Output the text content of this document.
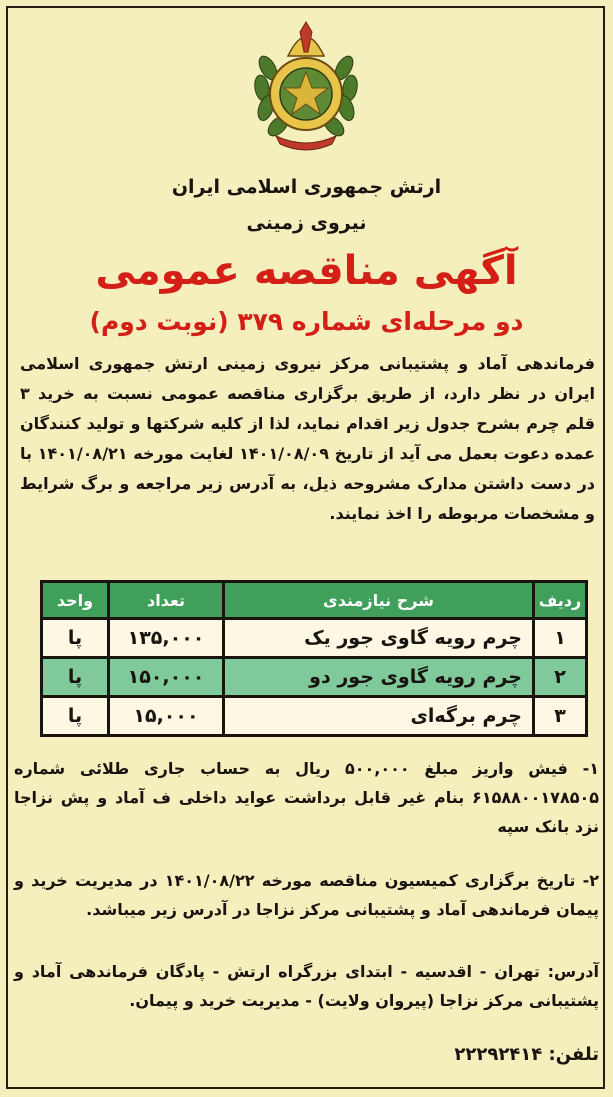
ارتش جمهوری اسلامی ایران
نیروی زمینی
آگهی مناقصه عمومی
دو مرحله‌ای شماره ۳۷۹ (نوبت دوم)
فرماندهی آماد و پشتیبانی مرکز نیروی زمینی ارتش جمهوری اسلامی ایران در نظر دارد، از طریق برگزاری مناقصه عمومی نسبت به خرید ۳ قلم چرم بشرح جدول زیر اقدام نماید، لذا از کلیه شرکتها و تولید کنندگان عمده دعوت بعمل می آید از تاریخ ۱۴۰۱/۰۸/۰۹ لغایت مورخه ۱۴۰۱/۰۸/۲۱ با در دست داشتن مدارک مشروحه ذیل، به آدرس زیر مراجعه و برگ شرایط و مشخصات مربوطه را اخذ نمایند.
ردیف	شرح نیازمندی	تعداد	واحد
۱	چرم رویه گاوی جور یک	۱۳۵,۰۰۰	پا
۲	چرم رویه گاوی جور دو	۱۵۰,۰۰۰	پا
۳	چرم برگه‌ای	۱۵,۰۰۰	پا
۱- فیش واریز مبلغ ۵۰۰,۰۰۰ ریال به حساب جاری طلائی شماره ۶۱۵۸۸۰۰۱۷۸۵۰۵ بنام غیر قابل برداشت عواید داخلی ف آماد و پش نزاجا نزد بانک سپه
۲- تاریخ برگزاری کمیسیون مناقصه مورخه ۱۴۰۱/۰۸/۲۲ در مدیریت خرید و پیمان فرماندهی آماد و پشتیبانی مرکز نزاجا در آدرس زیر میباشد.
آدرس: تهران - اقدسیه - ابتدای بزرگراه ارتش - پادگان فرماندهی آماد و پشتیبانی مرکز نزاجا (پیروان ولایت) - مدیریت خرید و پیمان.
تلفن: ۲۲۲۹۲۴۱۴
